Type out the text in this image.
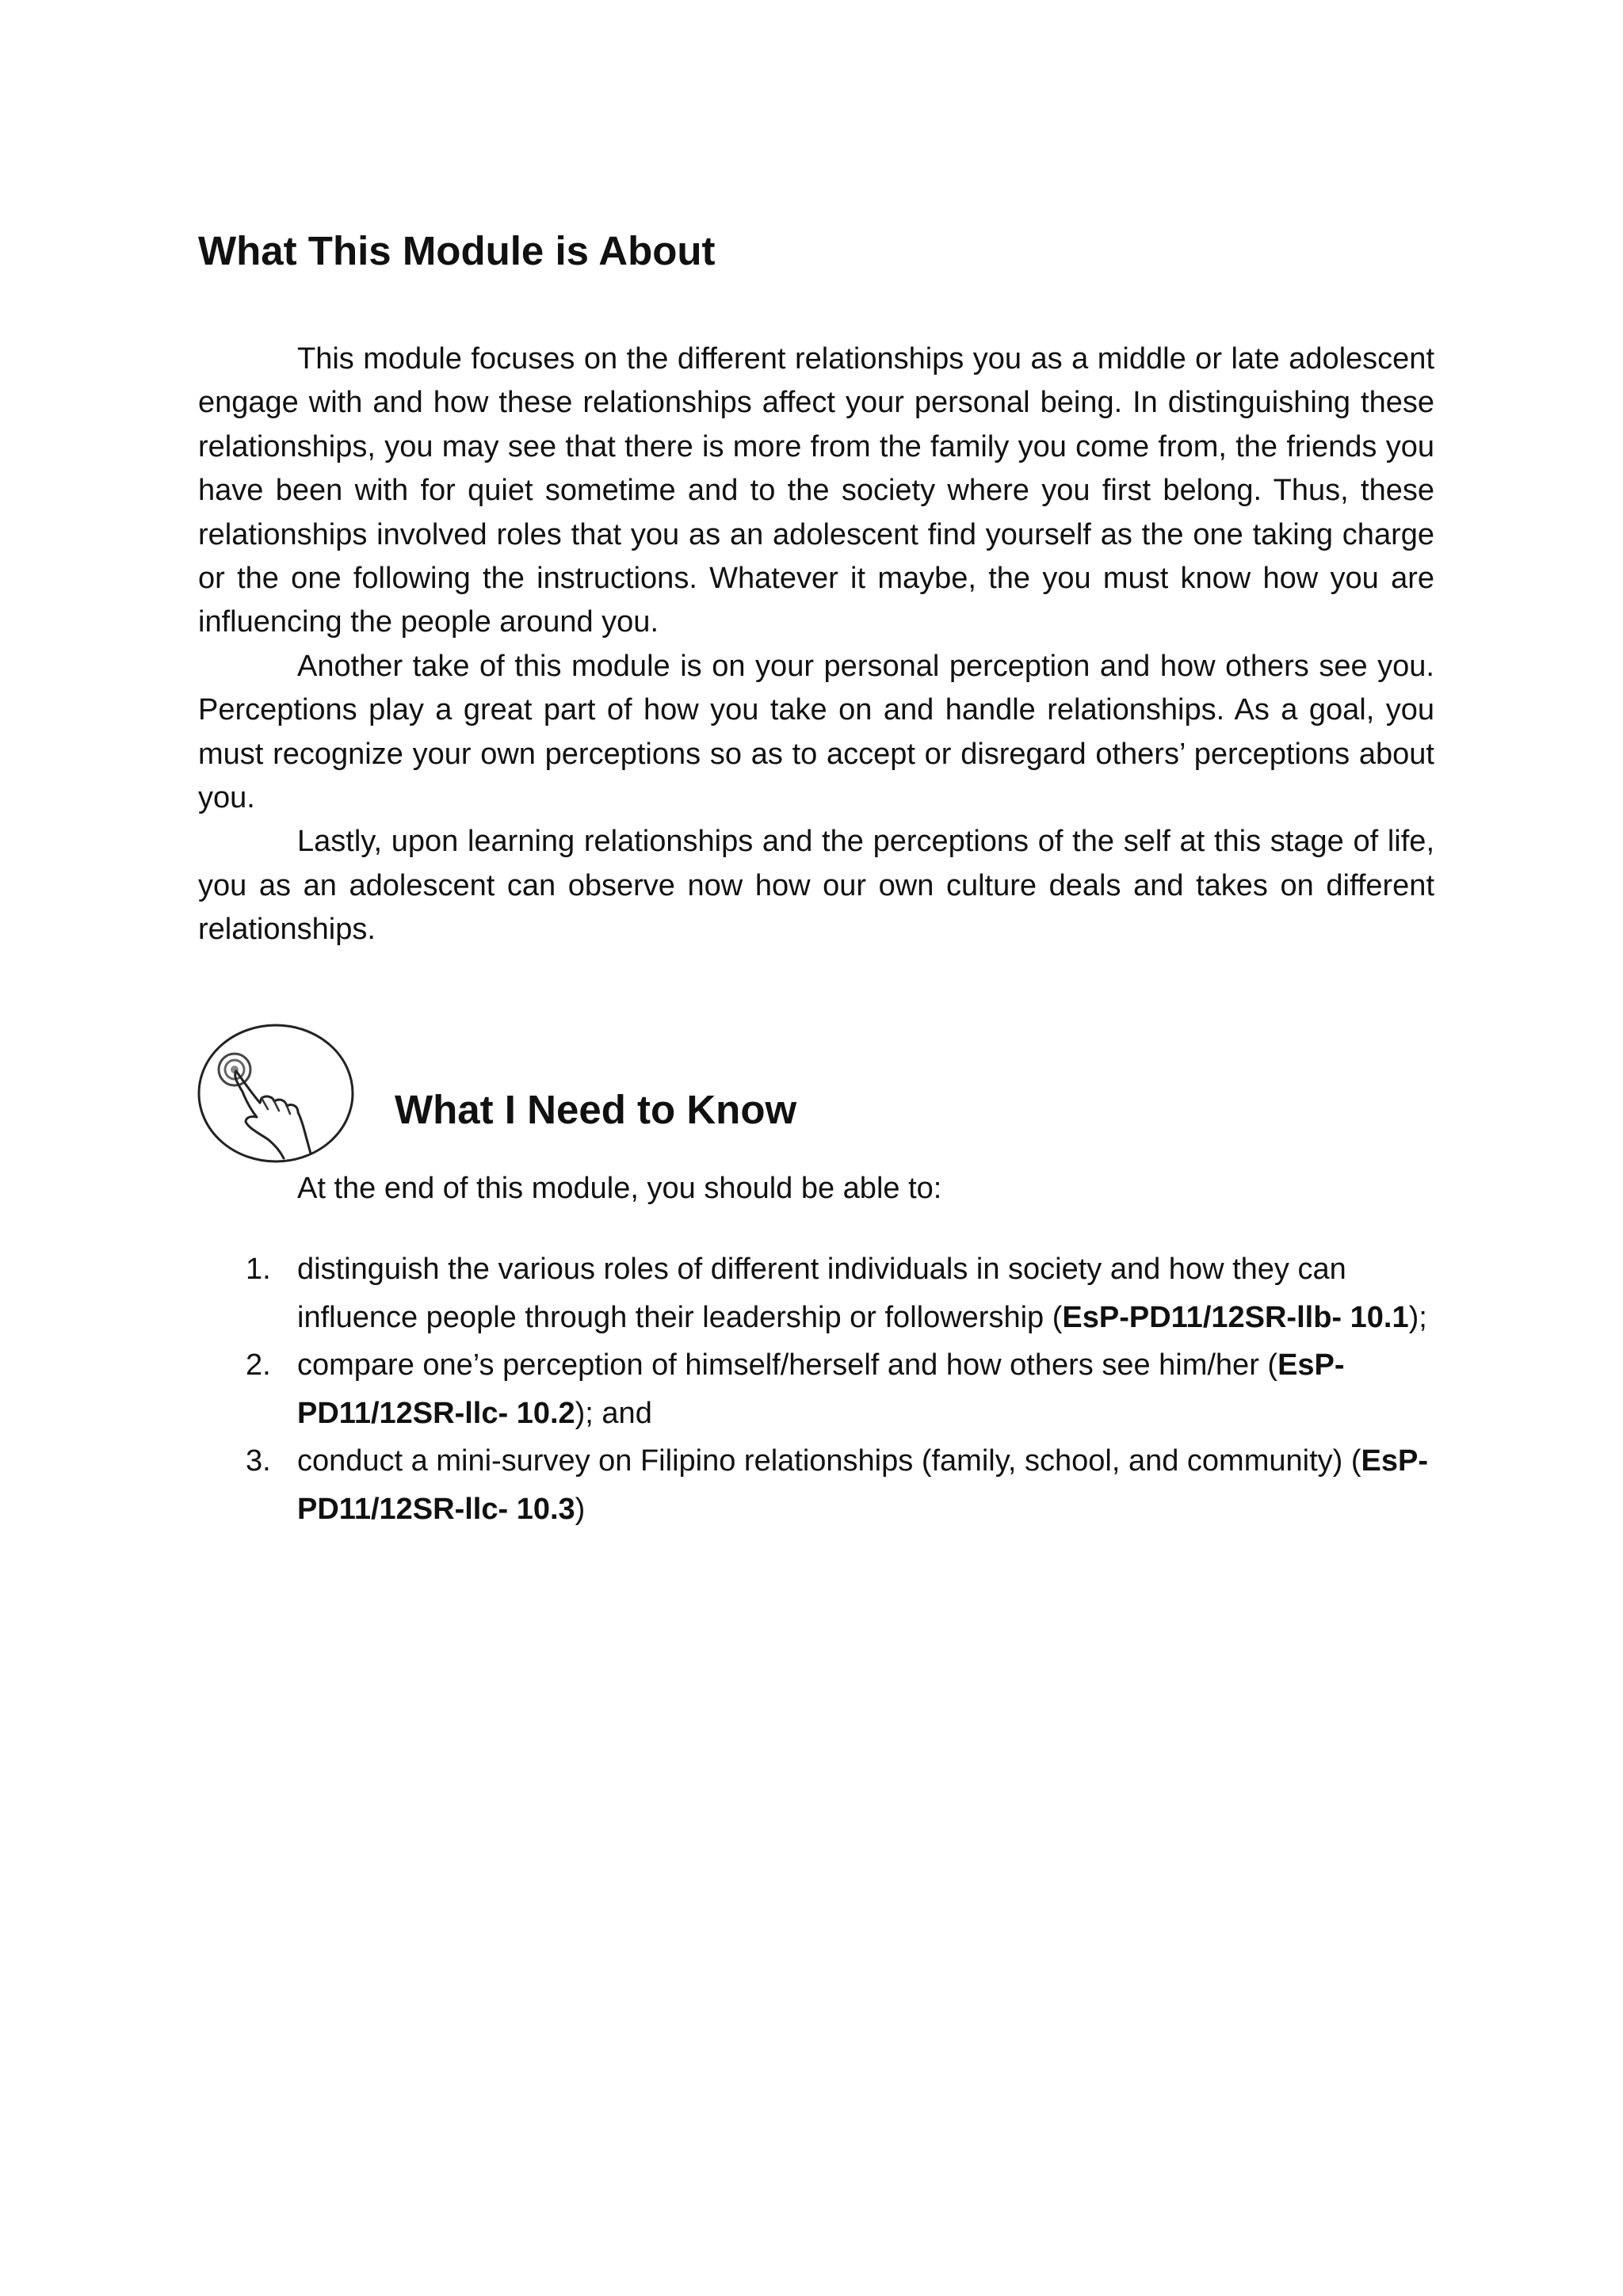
What This Module is About

This module focuses on the different relationships you as a middle or late adolescent engage with and how these relationships affect your personal being. In distinguishing these relationships, you may see that there is more from the family you come from, the friends you have been with for quiet sometime and to the society where you first belong. Thus, these relationships involved roles that you as an adolescent find yourself as the one taking charge or the one following the instructions. Whatever it maybe, the you must know how you are influencing the people around you.

Another take of this module is on your personal perception and how others see you. Perceptions play a great part of how you take on and handle relationships. As a goal, you must recognize your own perceptions so as to accept or disregard others’ perceptions about you.

Lastly, upon learning relationships and the perceptions of the self at this stage of life, you as an adolescent can observe now how our own culture deals and takes on different relationships.

What I Need to Know

At the end of this module, you should be able to:

1. distinguish the various roles of different individuals in society and how they can influence people through their leadership or followership (EsP-PD11/12SR-llb- 10.1);
2. compare one’s perception of himself/herself and how others see him/her (EsP-PD11/12SR-llc- 10.2); and
3. conduct a mini-survey on Filipino relationships (family, school, and community) (EsP-PD11/12SR-llc- 10.3)
